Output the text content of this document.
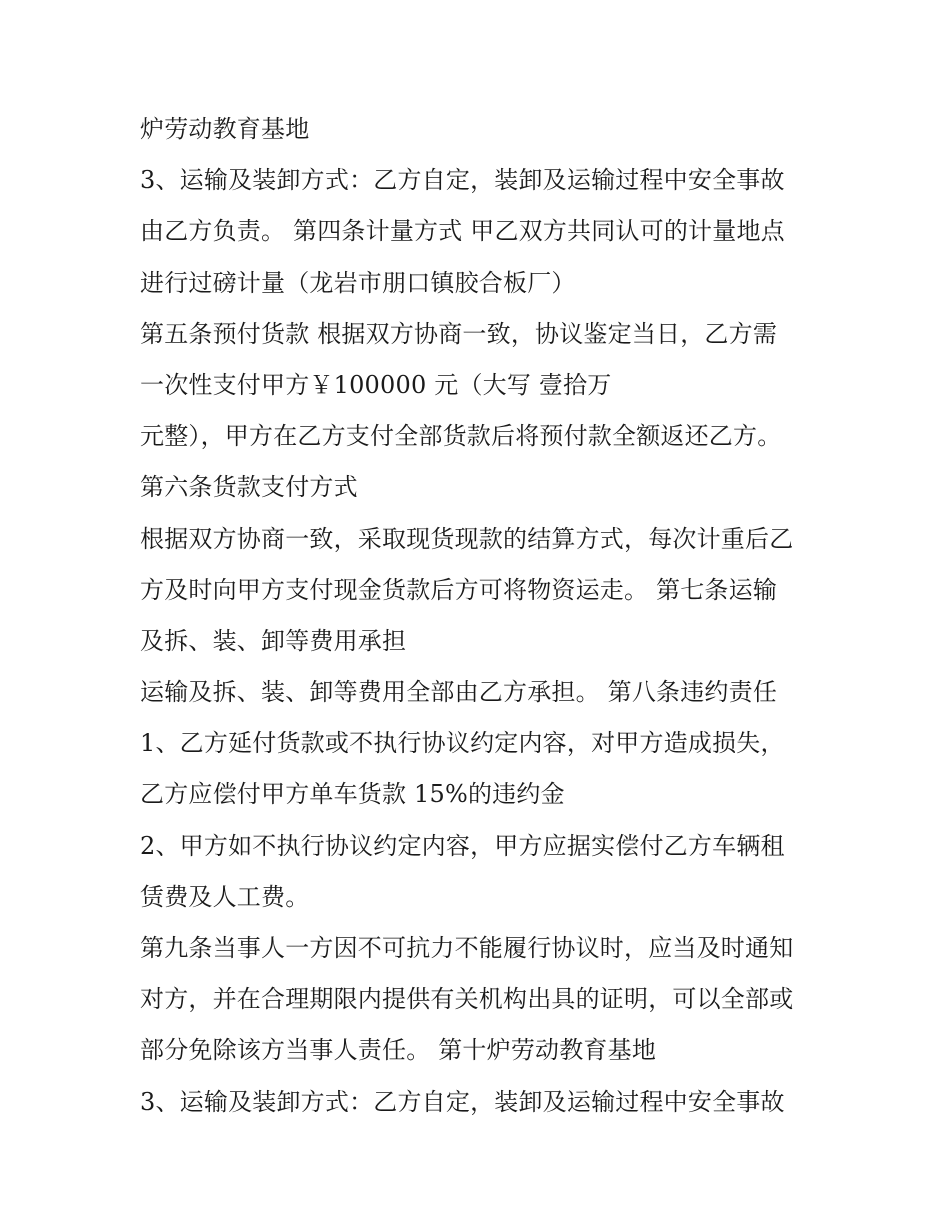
炉劳动教育基地
3、运输及装卸方式：乙方自定，装卸及运输过程中安全事故
由乙方负责。 第四条计量方式 甲乙双方共同认可的计量地点
进行过磅计量（龙岩市朋口镇胶合板厂）
第五条预付货款 根据双方协商一致，协议鉴定当日，乙方需
一次性支付甲方￥100000 元（大写 壹拾万
元整），甲方在乙方支付全部货款后将预付款全额返还乙方。
第六条货款支付方式
根据双方协商一致，采取现货现款的结算方式，每次计重后乙
方及时向甲方支付现金货款后方可将物资运走。 第七条运输
及拆、装、卸等费用承担
运输及拆、装、卸等费用全部由乙方承担。 第八条违约责任
1、乙方延付货款或不执行协议约定内容，对甲方造成损失，
乙方应偿付甲方单车货款 15%的违约金
2、甲方如不执行协议约定内容，甲方应据实偿付乙方车辆租
赁费及人工费。
第九条当事人一方因不可抗力不能履行协议时，应当及时通知
对方，并在合理期限内提供有关机构出具的证明，可以全部或
部分免除该方当事人责任。 第十炉劳动教育基地
3、运输及装卸方式：乙方自定，装卸及运输过程中安全事故
